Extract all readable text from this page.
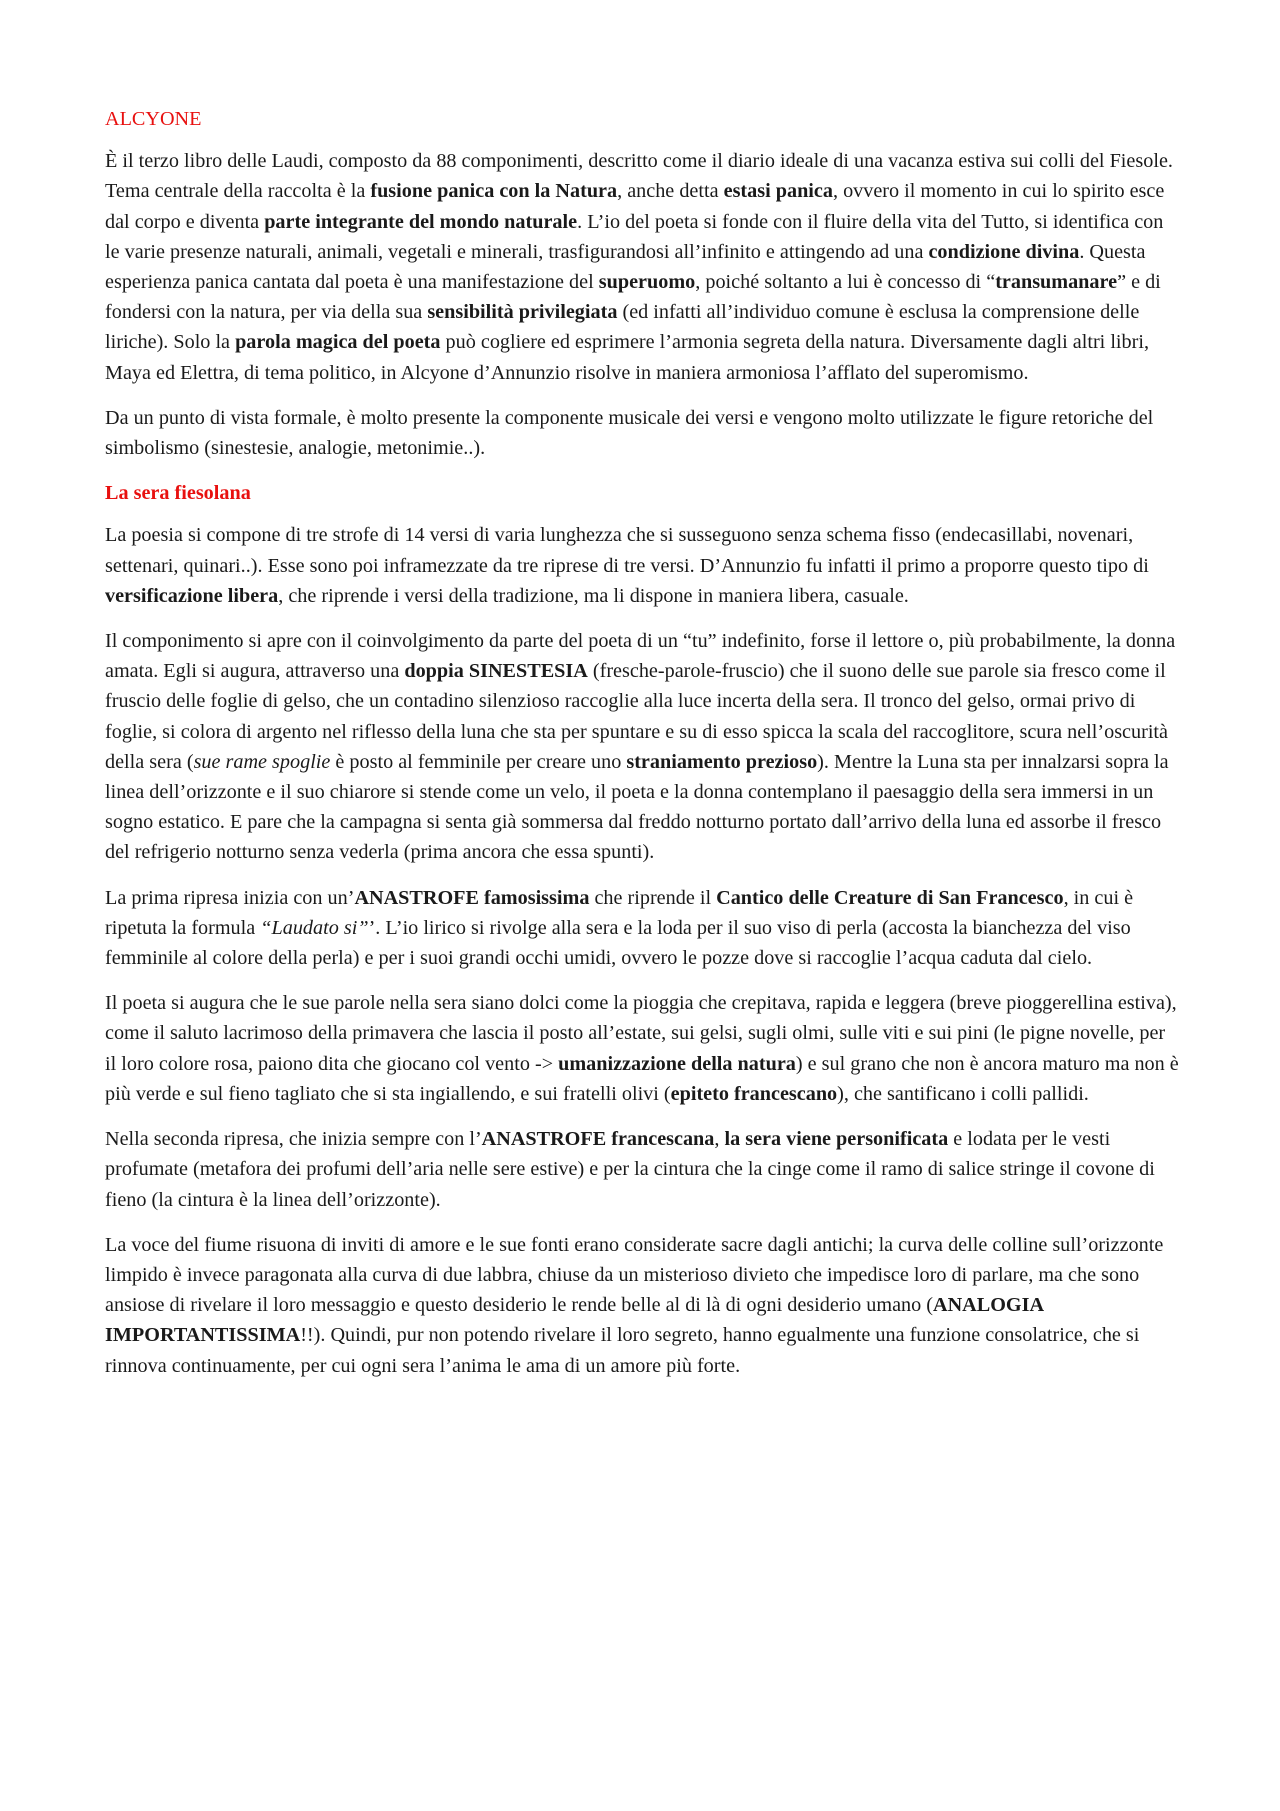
ALCYONE

È il terzo libro delle Laudi, composto da 88 componimenti, descritto come il diario ideale di una vacanza estiva sui colli del Fiesole. Tema centrale della raccolta è la fusione panica con la Natura, anche detta estasi panica, ovvero il momento in cui lo spirito esce dal corpo e diventa parte integrante del mondo naturale. L’io del poeta si fonde con il fluire della vita del Tutto, si identifica con le varie presenze naturali, animali, vegetali e minerali, trasfigurandosi all’infinito e attingendo ad una condizione divina. Questa esperienza panica cantata dal poeta è una manifestazione del superuomo, poiché soltanto a lui è concesso di “transumanare” e di fondersi con la natura, per via della sua sensibilità privilegiata (ed infatti all’individuo comune è esclusa la comprensione delle liriche). Solo la parola magica del poeta può cogliere ed esprimere l’armonia segreta della natura. Diversamente dagli altri libri, Maya ed Elettra, di tema politico, in Alcyone d’Annunzio risolve in maniera armoniosa l’afflato del superomismo.

Da un punto di vista formale, è molto presente la componente musicale dei versi e vengono molto utilizzate le figure retoriche del simbolismo (sinestesie, analogie, metonimie..).

La sera fiesolana

La poesia si compone di tre strofe di 14 versi di varia lunghezza che si susseguono senza schema fisso (endecasillabi, novenari, settenari, quinari..). Esse sono poi inframezzate da tre riprese di tre versi. D’Annunzio fu infatti il primo a proporre questo tipo di versificazione libera, che riprende i versi della tradizione, ma li dispone in maniera libera, casuale.

Il componimento si apre con il coinvolgimento da parte del poeta di un “tu” indefinito, forse il lettore o, più probabilmente, la donna amata. Egli si augura, attraverso una doppia SINESTESIA (fresche-parole-fruscio) che il suono delle sue parole sia fresco come il fruscio delle foglie di gelso, che un contadino silenzioso raccoglie alla luce incerta della sera. Il tronco del gelso, ormai privo di foglie, si colora di argento nel riflesso della luna che sta per spuntare e su di esso spicca la scala del raccoglitore, scura nell’oscurità della sera (sue rame spoglie è posto al femminile per creare uno straniamento prezioso). Mentre la Luna sta per innalzarsi sopra la linea dell’orizzonte e il suo chiarore si stende come un velo, il poeta e la donna contemplano il paesaggio della sera immersi in un sogno estatico. E pare che la campagna si senta già sommersa dal freddo notturno portato dall’arrivo della luna ed assorbe il fresco del refrigerio notturno senza vederla (prima ancora che essa spunti).

La prima ripresa inizia con un’ANASTROFE famosissima che riprende il Cantico delle Creature di San Francesco, in cui è ripetuta la formula “Laudato si”’. L’io lirico si rivolge alla sera e la loda per il suo viso di perla (accosta la bianchezza del viso femminile al colore della perla) e per i suoi grandi occhi umidi, ovvero le pozze dove si raccoglie l’acqua caduta dal cielo.

Il poeta si augura che le sue parole nella sera siano dolci come la pioggia che crepitava, rapida e leggera (breve pioggerellina estiva), come il saluto lacrimoso della primavera che lascia il posto all’estate, sui gelsi, sugli olmi, sulle viti e sui pini (le pigne novelle, per il loro colore rosa, paiono dita che giocano col vento -> umanizzazione della natura) e sul grano che non è ancora maturo ma non è più verde e sul fieno tagliato che si sta ingiallendo, e sui fratelli olivi (epiteto francescano), che santificano i colli pallidi.

Nella seconda ripresa, che inizia sempre con l’ANASTROFE francescana, la sera viene personificata e lodata per le vesti profumate (metafora dei profumi dell’aria nelle sere estive) e per la cintura che la cinge come il ramo di salice stringe il covone di fieno (la cintura è la linea dell’orizzonte).

La voce del fiume risuona di inviti di amore e le sue fonti erano considerate sacre dagli antichi; la curva delle colline sull’orizzonte limpido è invece paragonata alla curva di due labbra, chiuse da un misterioso divieto che impedisce loro di parlare, ma che sono ansiose di rivelare il loro messaggio e questo desiderio le rende belle al di là di ogni desiderio umano (ANALOGIA IMPORTANTISSIMA!!). Quindi, pur non potendo rivelare il loro segreto, hanno egualmente una funzione consolatrice, che si rinnova continuamente, per cui ogni sera l’anima le ama di un amore più forte.
